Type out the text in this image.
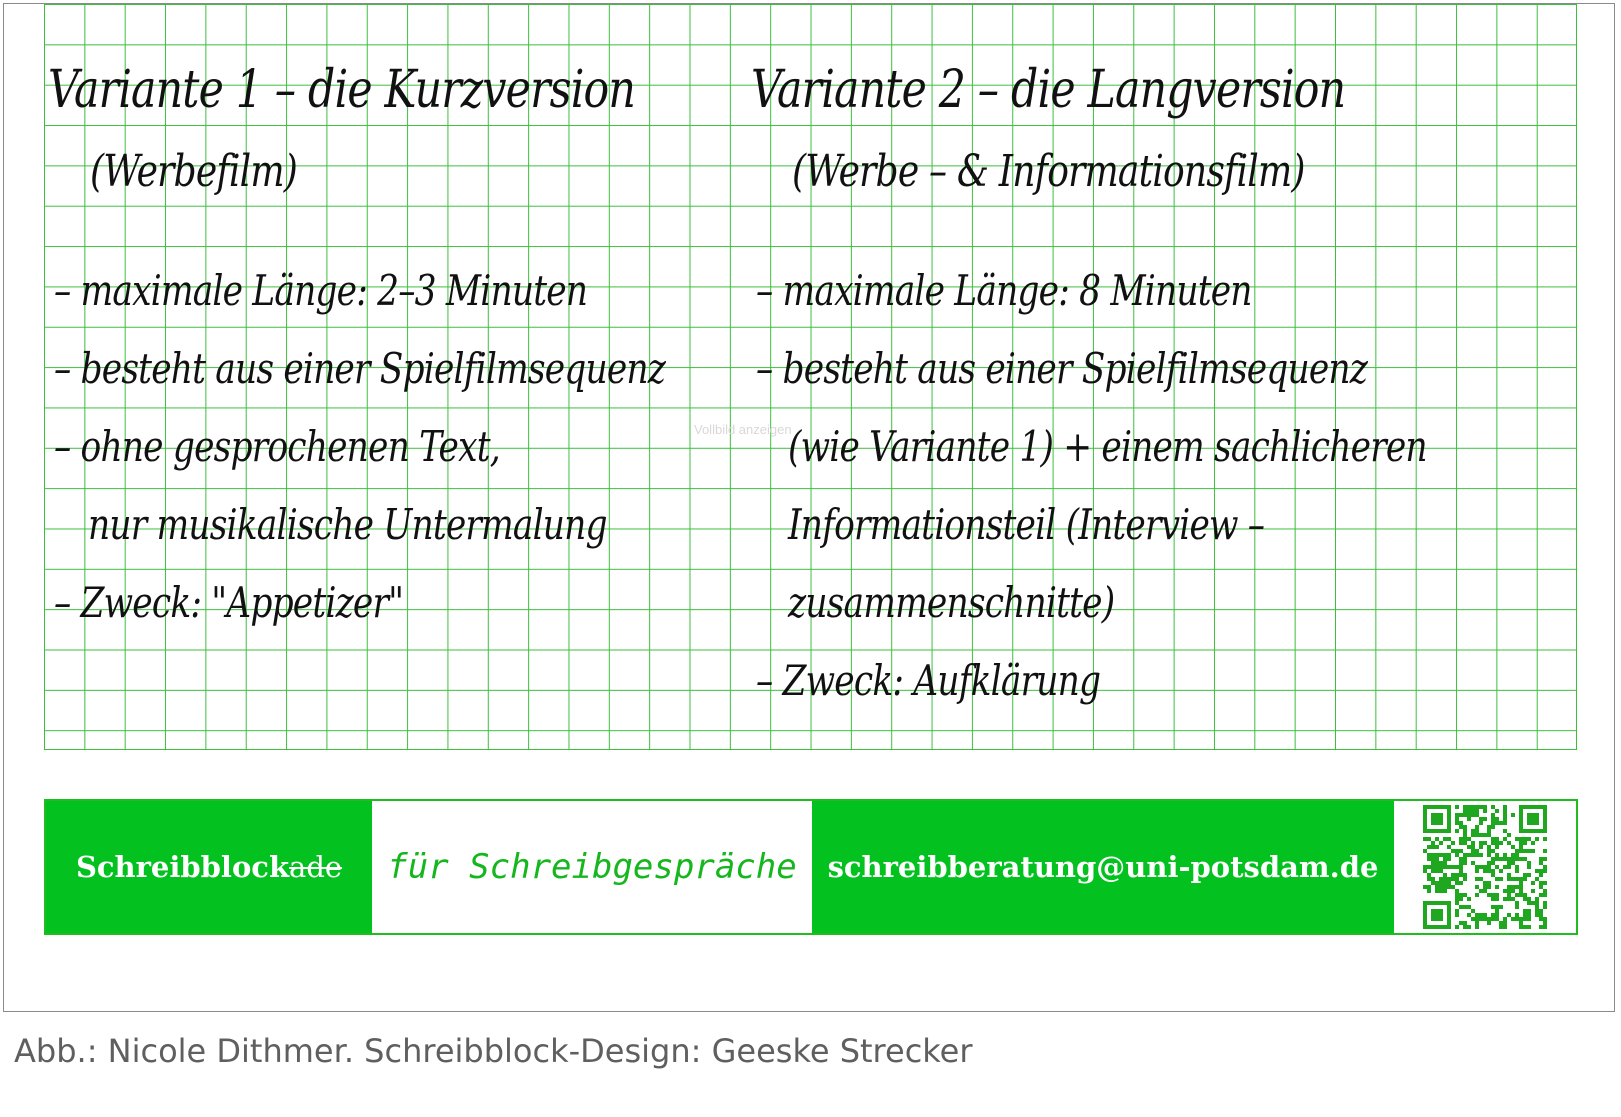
Variante 1 – die Kurzversion
(Werbefilm)
– maximale Länge: 2–3 Minuten
– besteht aus einer Spielfilmsequenz
– ohne gesprochenen Text,
nur musikalische Untermalung
– Zweck: "Appetizer"
Variante 2 – die Langversion
(Werbe – & Informationsfilm)
– maximale Länge: 8 Minuten
– besteht aus einer Spielfilmsequenz
(wie Variante 1) + einem sachlicheren
Informationsteil (Interview –
zusammenschnitte)
– Zweck: Aufklärung
Vollbild anzeigen
Schreibblock ade	für Schreibgespräche	schreibberatung@uni-potsdam.de
Abb.: Nicole Dithmer. Schreibblock-Design: Geeske Strecker
